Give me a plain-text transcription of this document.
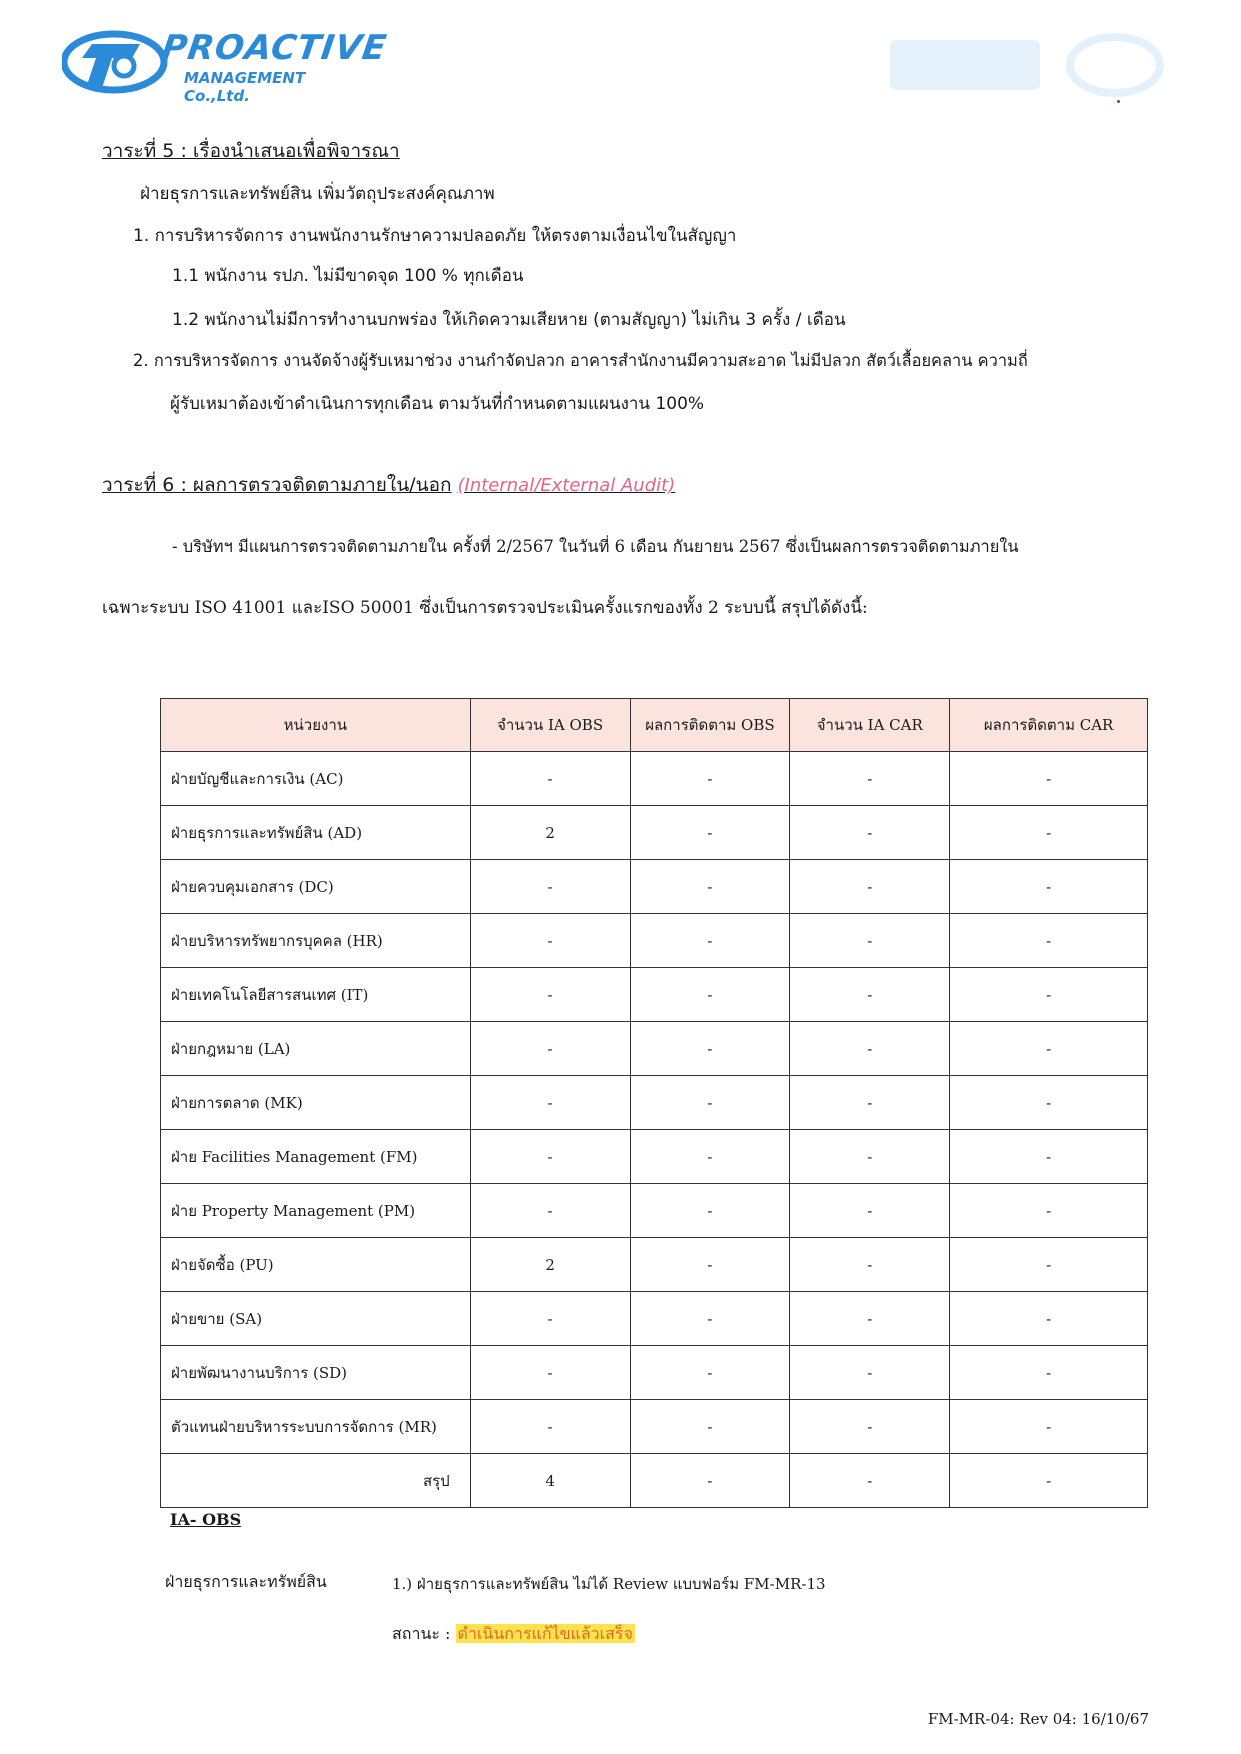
PROACTIVE
MANAGEMENT Co.,Ltd.
วาระที่ 5 : เรื่องนำเสนอเพื่อพิจารณา
ฝ่ายธุรการและทรัพย์สิน เพิ่มวัตถุประสงค์คุณภาพ
1. การบริหารจัดการ งานพนักงานรักษาความปลอดภัย ให้ตรงตามเงื่อนไขในสัญญา
1.1 พนักงาน รปภ. ไม่มีขาดจุด 100 % ทุกเดือน
1.2 พนักงานไม่มีการทำงานบกพร่อง ให้เกิดความเสียหาย (ตามสัญญา) ไม่เกิน 3 ครั้ง / เดือน
2. การบริหารจัดการ งานจัดจ้างผู้รับเหมาช่วง งานกำจัดปลวก อาคารสำนักงานมีความสะอาด ไม่มีปลวก สัตว์เลื้อยคลาน ความถี่
ผู้รับเหมาต้องเข้าดำเนินการทุกเดือน ตามวันที่กำหนดตามแผนงาน 100%
วาระที่ 6 : ผลการตรวจติดตามภายใน/นอก (Internal/External Audit)
- บริษัทฯ มีแผนการตรวจติดตามภายใน ครั้งที่ 2/2567 ในวันที่ 6 เดือน กันยายน 2567 ซึ่งเป็นผลการตรวจติดตามภายใน
เฉพาะระบบ ISO 41001 และISO 50001 ซึ่งเป็นการตรวจประเมินครั้งแรกของทั้ง 2 ระบบนี้ สรุปได้ดังนี้:
หน่วยงาน	จำนวน IA OBS	ผลการติดตาม OBS	จำนวน IA CAR	ผลการติดตาม CAR
ฝ่ายบัญชีและการเงิน (AC)	-	-	-	-
ฝ่ายธุรการและทรัพย์สิน (AD)	2	-	-	-
ฝ่ายควบคุมเอกสาร (DC)	-	-	-	-
ฝ่ายบริหารทรัพยากรบุคคล (HR)	-	-	-	-
ฝ่ายเทคโนโลยีสารสนเทศ (IT)	-	-	-	-
ฝ่ายกฎหมาย (LA)	-	-	-	-
ฝ่ายการตลาด (MK)	-	-	-	-
ฝ่าย Facilities Management (FM)	-	-	-	-
ฝ่าย Property Management (PM)	-	-	-	-
ฝ่ายจัดซื้อ (PU)	2	-	-	-
ฝ่ายขาย (SA)	-	-	-	-
ฝ่ายพัฒนางานบริการ (SD)	-	-	-	-
ตัวแทนฝ่ายบริหารระบบการจัดการ (MR)	-	-	-	-
สรุป	4	-	-	-
IA- OBS
ฝ่ายธุรการและทรัพย์สิน	1.) ฝ่ายธุรการและทรัพย์สิน ไม่ได้ Review แบบฟอร์ม FM-MR-13
สถานะ : ดำเนินการแก้ไขแล้วเสร็จ
FM-MR-04: Rev 04: 16/10/67
